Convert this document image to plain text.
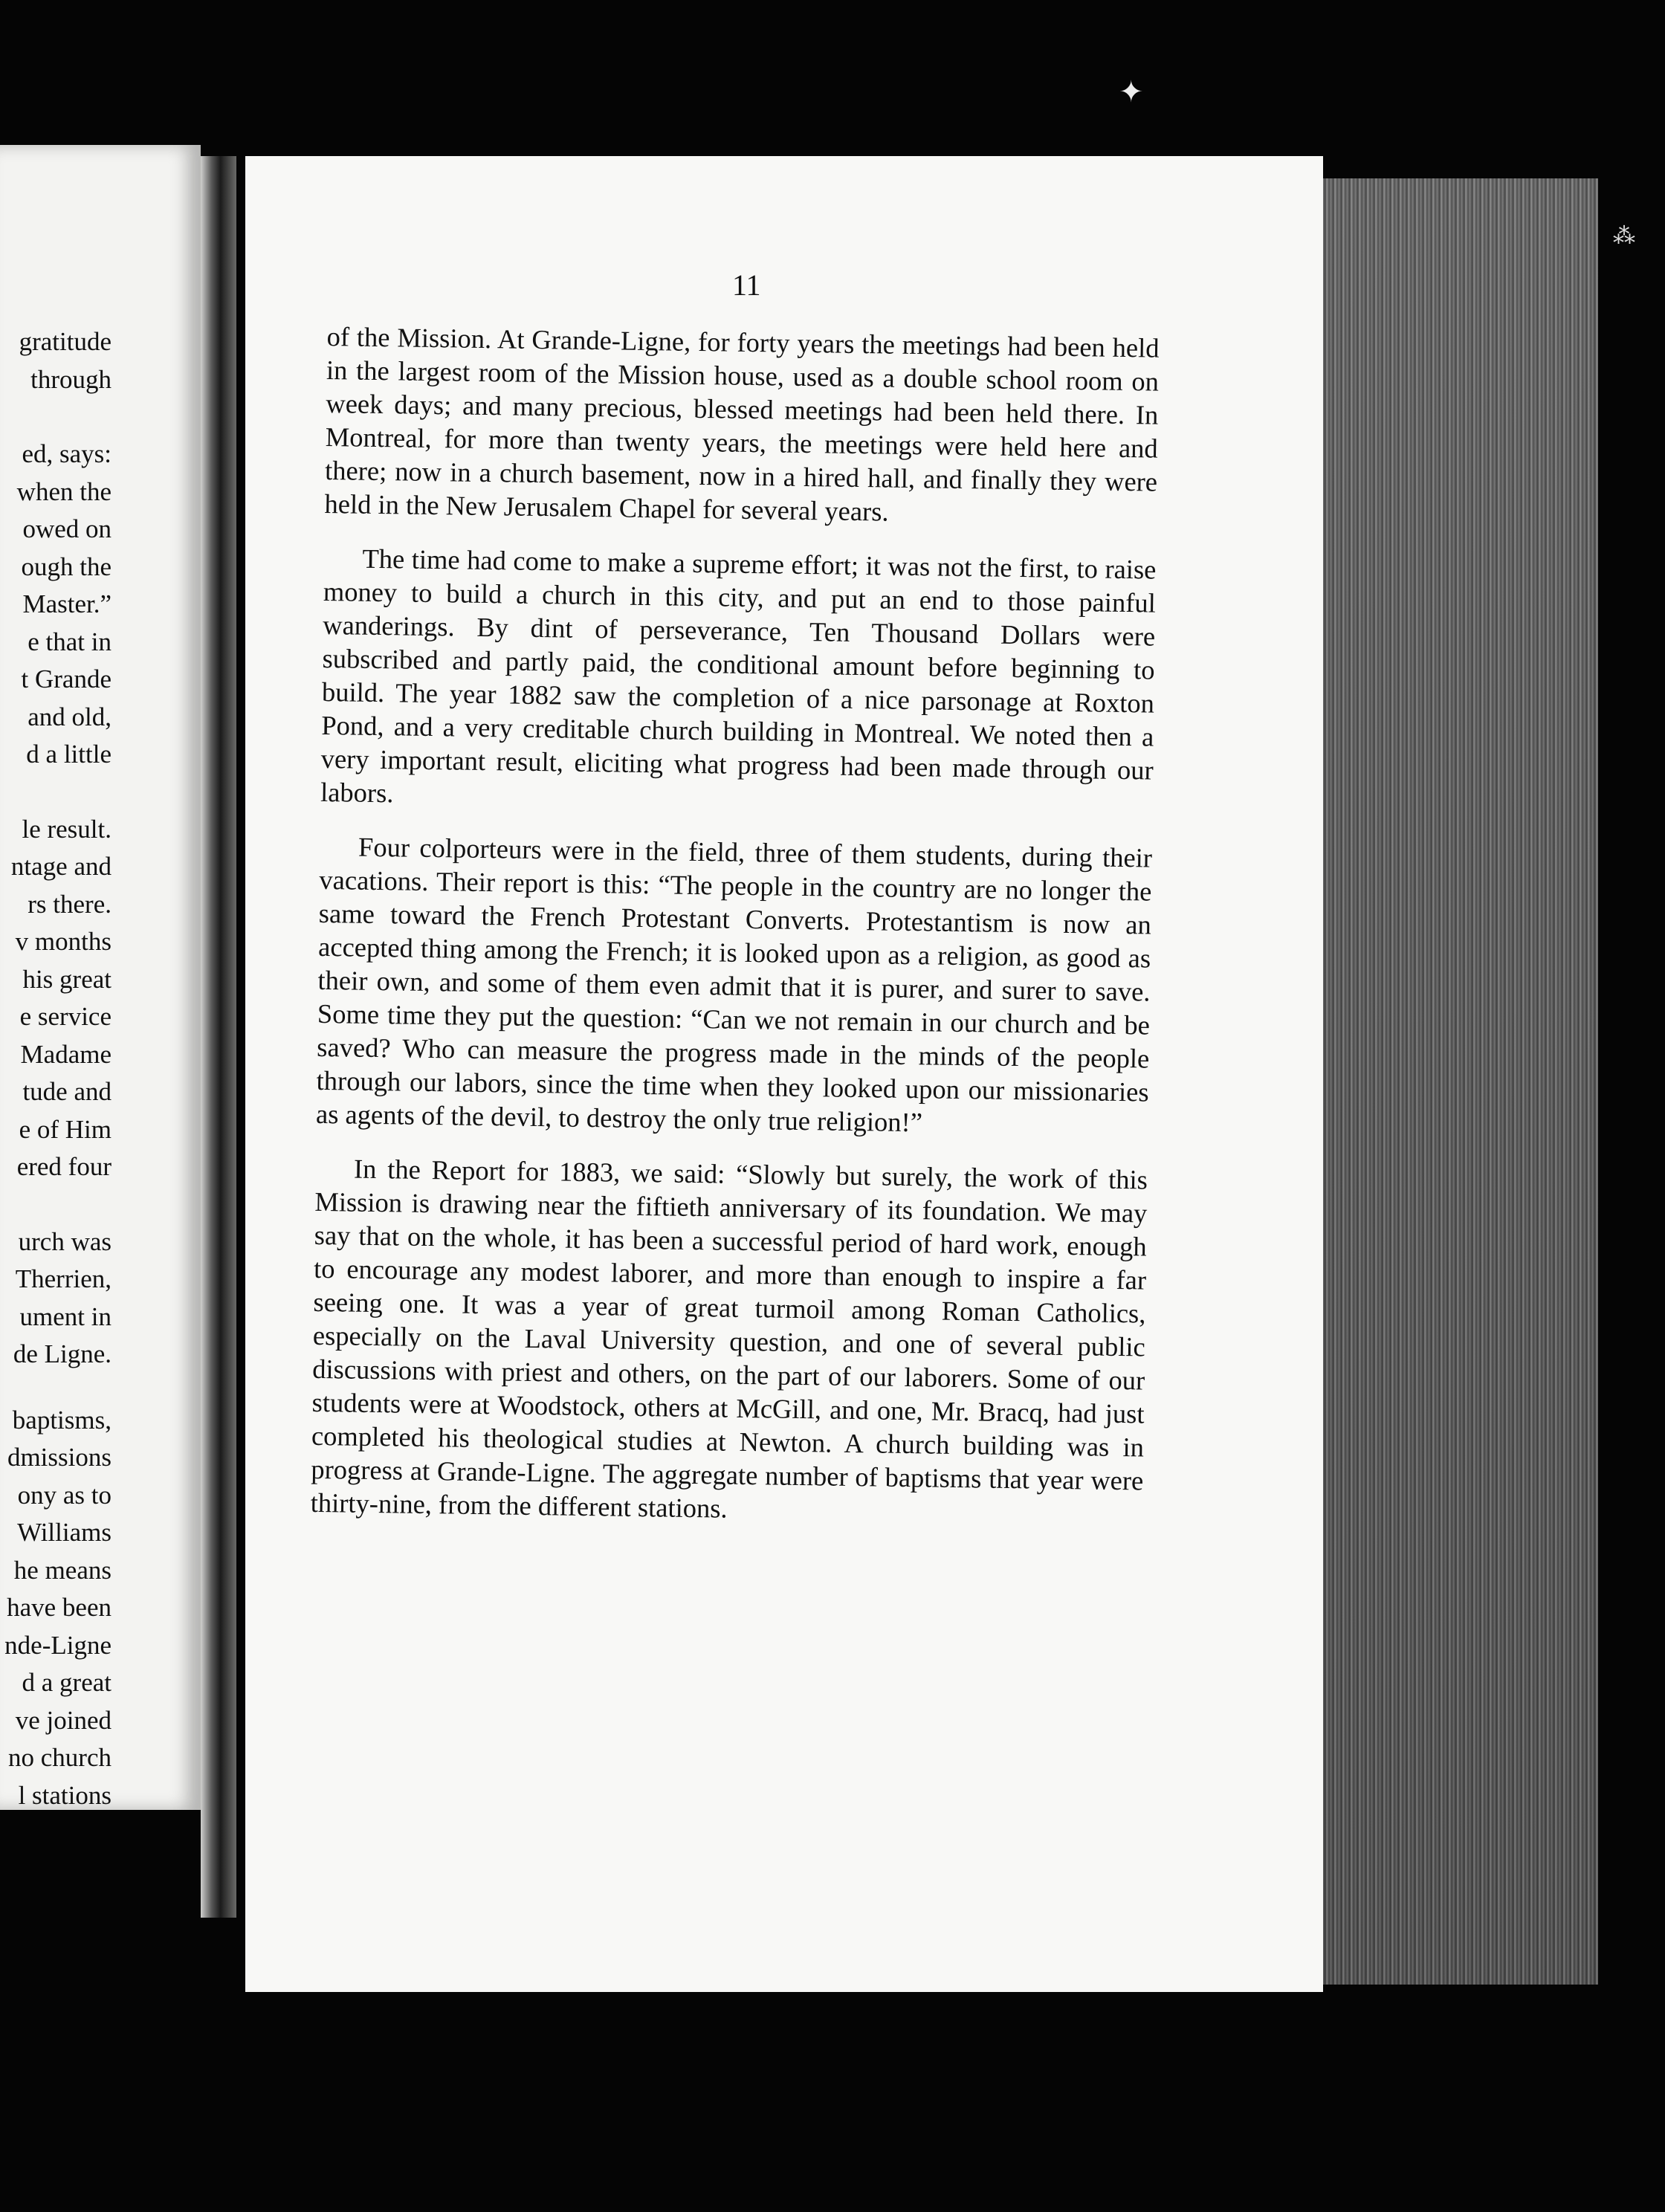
gratitude
through
ed, says:
when the
owed on
ough the
Master.”
e that in
t Grande
and old,
d a little
le result.
ntage and
rs there.
v months
his great
e service
Madame
tude and
e of Him
ered four
urch was
Therrien,
ument in
de Ligne.
baptisms,
dmissions
ony as to
Williams
he means
have been
nde-Ligne
d a great
ve joined
no church
l stations
11

of the Mission. At Grande-Ligne, for forty years the meetings had been held in the largest room of the Mission house, used as a double school room on week days; and many precious, blessed meetings had been held there. In Montreal, for more than twenty years, the meetings were held here and there; now in a church basement, now in a hired hall, and finally they were held in the New Jerusalem Chapel for several years.

The time had come to make a supreme effort; it was not the first, to raise money to build a church in this city, and put an end to those painful wanderings. By dint of perseverance, Ten Thousand Dollars were subscribed and partly paid, the conditional amount before beginning to build. The year 1882 saw the completion of a nice parsonage at Roxton Pond, and a very creditable church building in Montreal. We noted then a very important result, eliciting what progress had been made through our labors.

Four colporteurs were in the field, three of them students, during their vacations. Their report is this: “The people in the country are no longer the same toward the French Protestant Converts. Protestantism is now an accepted thing among the French; it is looked upon as a religion, as good as their own, and some of them even admit that it is purer, and surer to save. Some time they put the question: “Can we not remain in our church and be saved? Who can measure the progress made in the minds of the people through our labors, since the time when they looked upon our missionaries as agents of the devil, to destroy the only true religion!”

In the Report for 1883, we said: “Slowly but surely, the work of this Mission is drawing near the fiftieth anniversary of its foundation. We may say that on the whole, it has been a successful period of hard work, enough to encourage any modest laborer, and more than enough to inspire a far seeing one. It was a year of great turmoil among Roman Catholics, especially on the Laval University question, and one of several public discussions with priest and others, on the part of our laborers. Some of our students were at Woodstock, others at McGill, and one, Mr. Bracq, had just completed his theological studies at Newton. A church building was in progress at Grande-Ligne. The aggregate number of baptisms that year were thirty-nine, from the different stations.

✦
⁂
